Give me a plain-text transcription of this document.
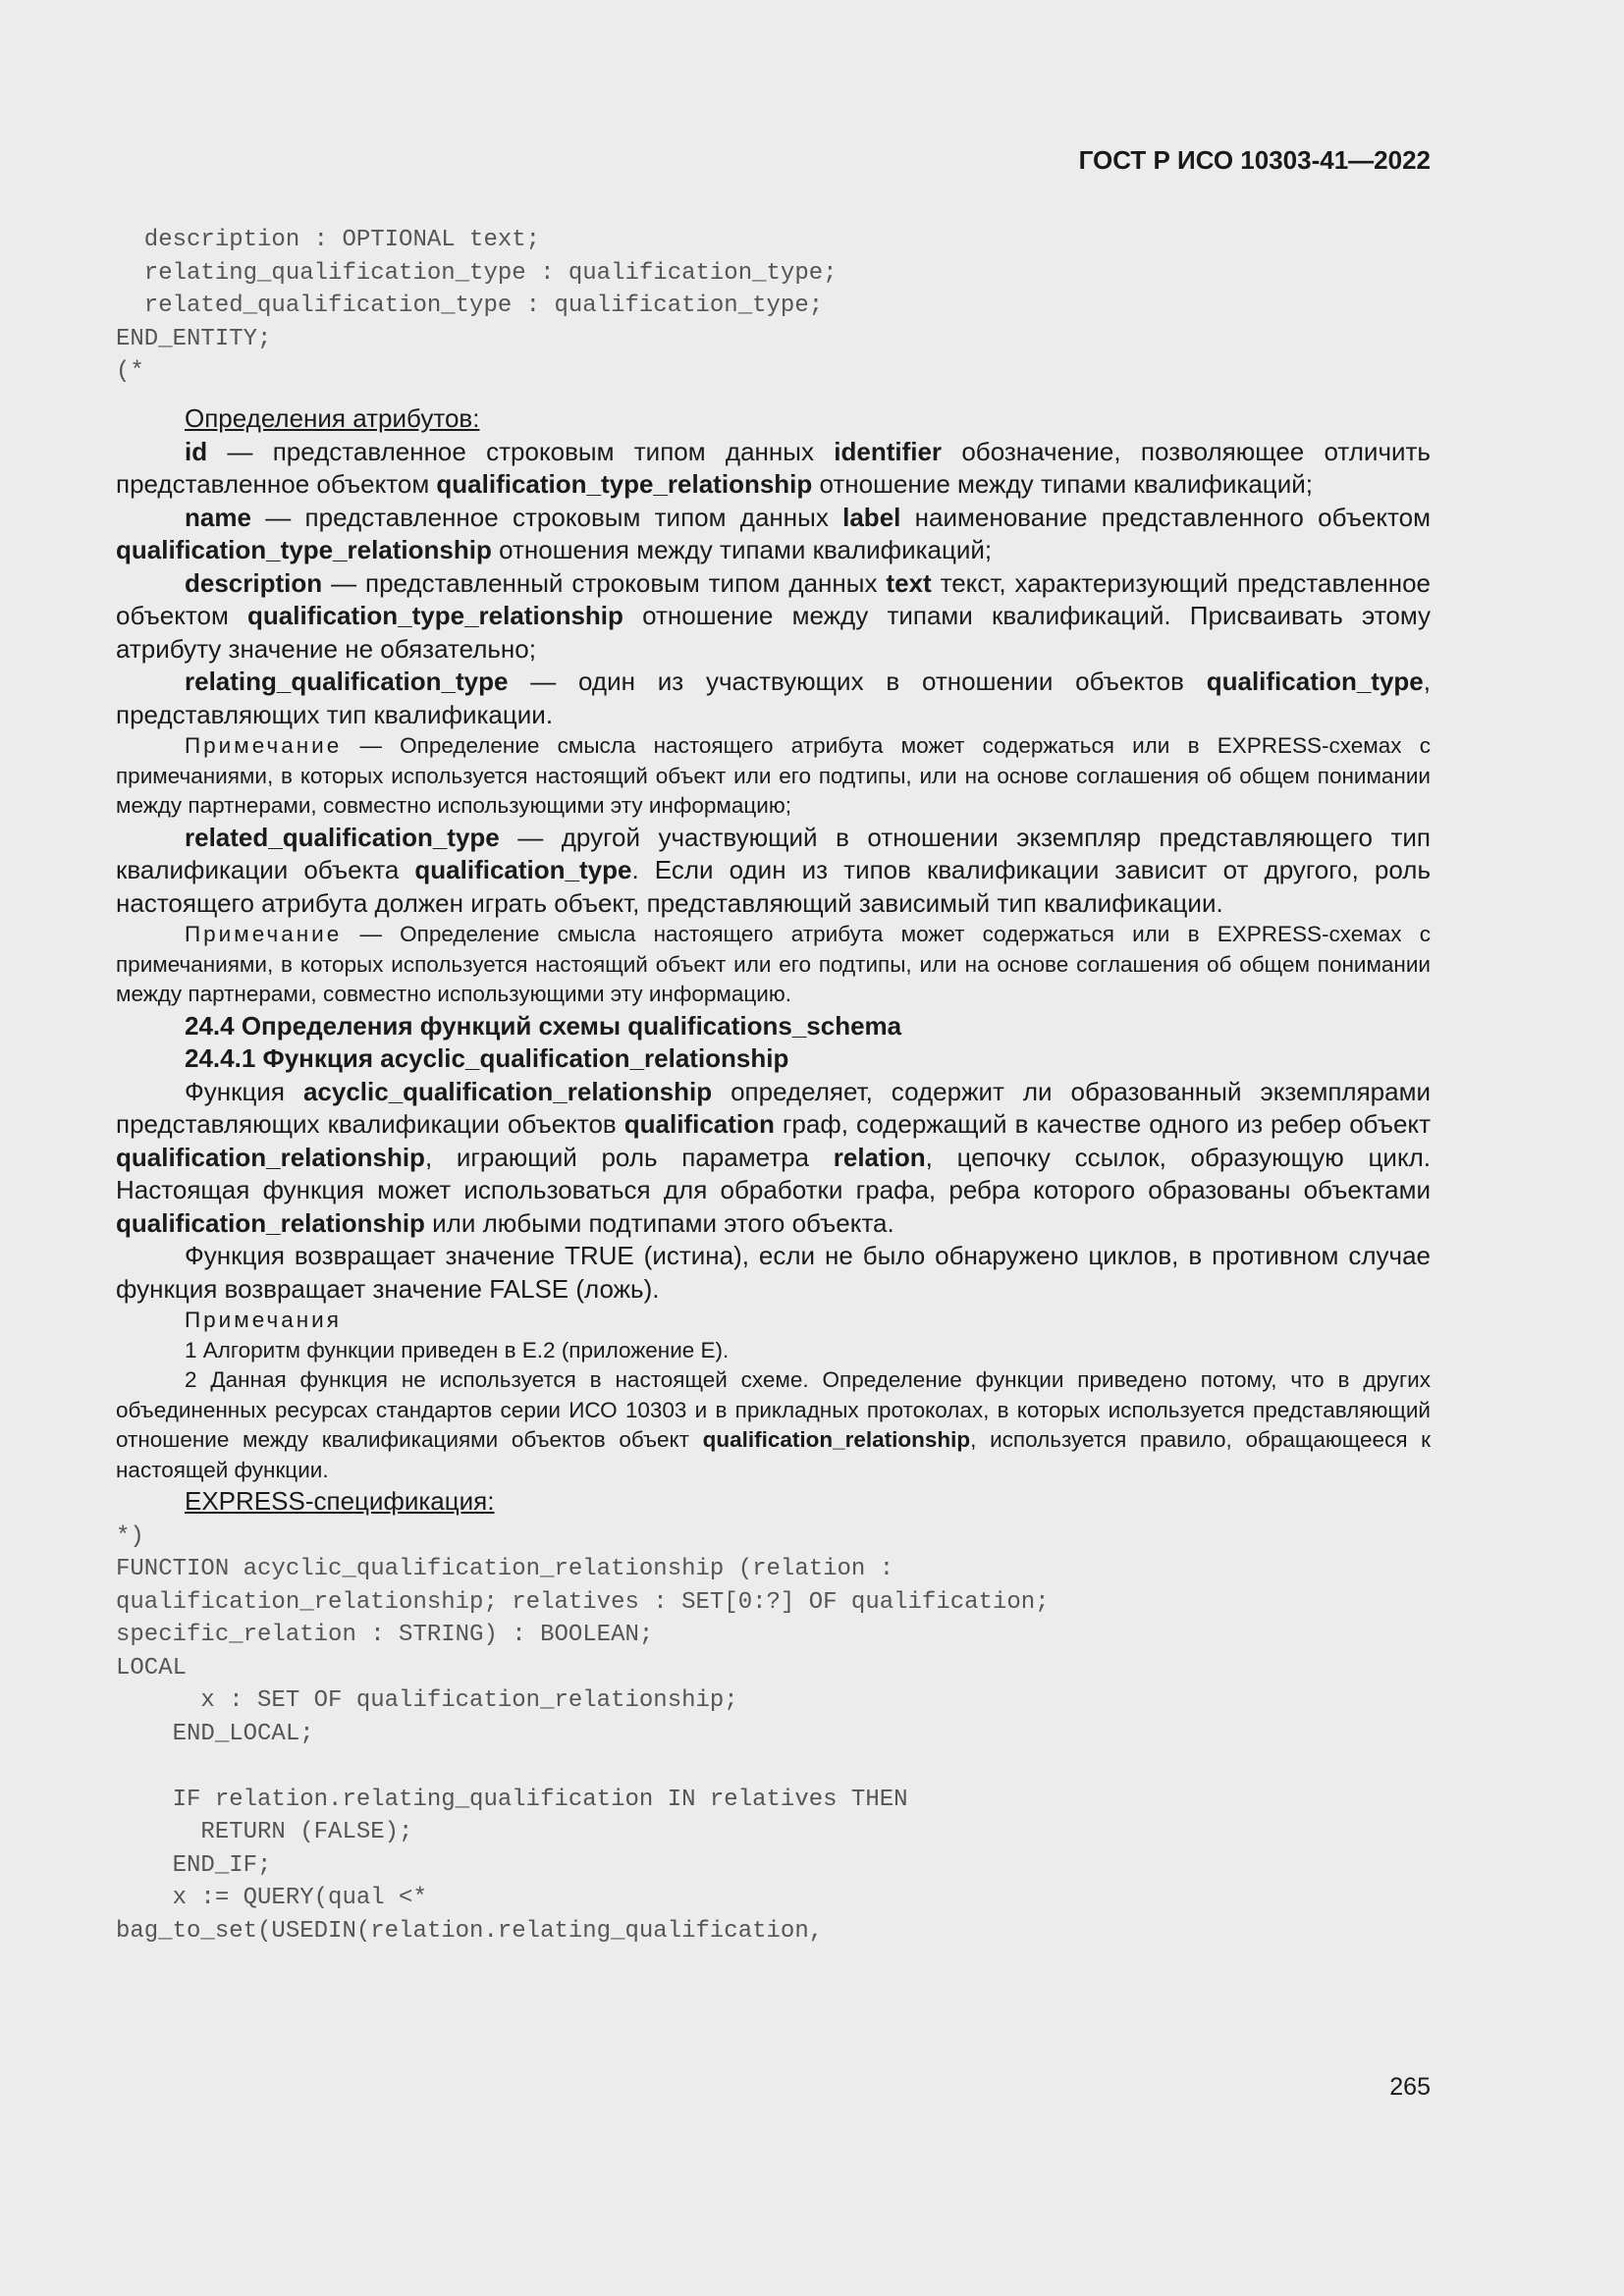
ГОСТ Р ИСО 10303-41—2022
description : OPTIONAL text;
relating_qualification_type : qualification_type;
related_qualification_type : qualification_type;
END_ENTITY;
(*

Определения атрибутов:

id — представленное строковым типом данных identifier обозначение, позволяющее отличить представленное объектом qualification_type_relationship отношение между типами квалификаций;

name — представленное строковым типом данных label наименование представленного объектом qualification_type_relationship отношения между типами квалификаций;

description — представленный строковым типом данных text текст, характеризующий представленное объектом qualification_type_relationship отношение между типами квалификаций. Присваивать этому атрибуту значение не обязательно;

relating_qualification_type — один из участвующих в отношении объектов qualification_type, представляющих тип квалификации.

Примечание — Определение смысла настоящего атрибута может содержаться или в EXPRESS-схемах с примечаниями, в которых используется настоящий объект или его подтипы, или на основе соглашения об общем понимании между партнерами, совместно использующими эту информацию;

related_qualification_type — другой участвующий в отношении экземпляр представляющего тип квалификации объекта qualification_type. Если один из типов квалификации зависит от другого, роль настоящего атрибута должен играть объект, представляющий зависимый тип квалификации.

Примечание — Определение смысла настоящего атрибута может содержаться или в EXPRESS-схемах с примечаниями, в которых используется настоящий объект или его подтипы, или на основе соглашения об общем понимании между партнерами, совместно использующими эту информацию.

24.4 Определения функций схемы qualifications_schema

24.4.1 Функция acyclic_qualification_relationship

Функция acyclic_qualification_relationship определяет, содержит ли образованный экземплярами представляющих квалификации объектов qualification граф, содержащий в качестве одного из ребер объект qualification_relationship, играющий роль параметра relation, цепочку ссылок, образующую цикл. Настоящая функция может использоваться для обработки графа, ребра которого образованы объектами qualification_relationship или любыми подтипами этого объекта.

Функция возвращает значение TRUE (истина), если не было обнаружено циклов, в противном случае функция возвращает значение FALSE (ложь).

Примечания

1 Алгоритм функции приведен в Е.2 (приложение Е).

2 Данная функция не используется в настоящей схеме. Определение функции приведено потому, что в других объединенных ресурсах стандартов серии ИСО 10303 и в прикладных протоколах, в которых используется представляющий отношение между квалификациями объектов объект qualification_relationship, используется правило, обращающееся к настоящей функции.

EXPRESS-спецификация:

*)
FUNCTION acyclic_qualification_relationship (relation :
qualification_relationship; relatives : SET[0:?] OF qualification;
specific_relation : STRING) : BOOLEAN;
LOCAL
x : SET OF qualification_relationship;
END_LOCAL;

IF relation.relating_qualification IN relatives THEN
RETURN (FALSE);
END_IF;
x := QUERY(qual <*
bag_to_set(USEDIN(relation.relating_qualification,
265
